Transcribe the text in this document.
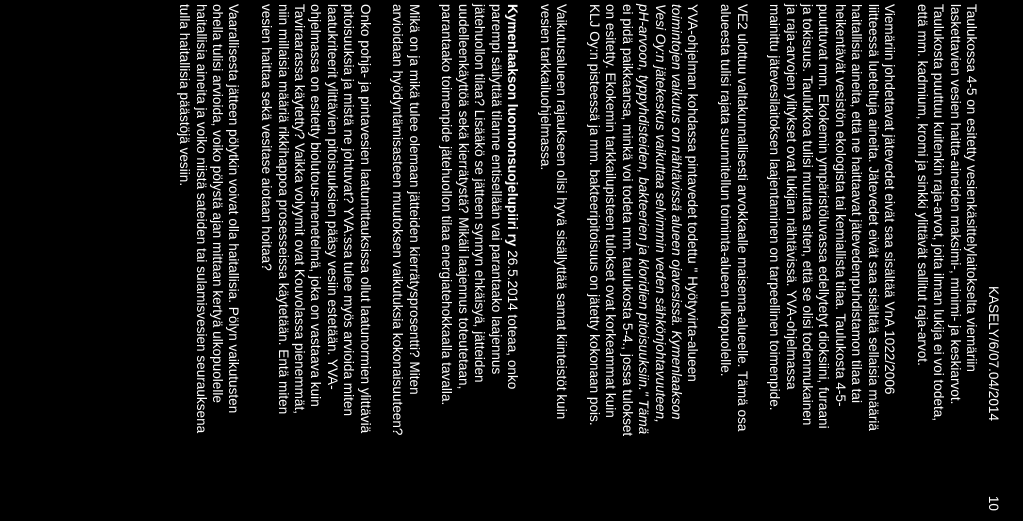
KASELY/6/07.04/2014
10
Taulukossa 4-5 on esitetty vesienkäsittelylaitokselta viemäriin
laskettavien vesien haitta-aineiden maksimi-, minimi- ja keskiarvot.
Taulukosta puuttuu kuitenkin raja-arvot, joita ilman lukija ei voi todeta,
että mm. kadmium, kromi ja sinkki ylittävät sallitut raja-arvot.
Viemäriin johdettavat jätevedet eivät saa sisältää VnA 1022/2006
liitteessä lueteltuja aineita. Jätevedet eivät saa sisältää sellaisia määriä
haitallisia aineita, että ne haittaavat jätevedenpuhdistamon tilaa tai
heikentävät vesistön ekologista tai kemiallista tilaa. Taulukosta 4-5-
puuttuvat mm. Ekokemin ympäristöluvassa edellytetyt dioksiini, furaani
ja tokisuus. Taulukkoa tulisi muuttaa siten, että se olisi todenmukainen
ja raja-arvojen ylitykset ovat lukijan nähtävissä. YVA-ohjelmassa
mainittu jätevesilaitoksen laajentaminen on tarpeellinen toimenpide.
VE2 ulottuu valtakunnallisesti arvokkaalle maisema-alueelle. Tämä osa
alueesta tulisi rajata suunnitellun toiminta-alueen ulkopuolelle.
YVA-ohjelman kohdassa pintavedet todettu " Hyötyvirta-alueen
toimintojen vaikutus on nähtävissä alueen ojavesissä. Kymenlaakson
Vesi Oy:n jätekeskus vaikuttaa selvimmin veden sähkönjohtavuuteen,
pH-arvoon, typpyhdisteiden, bakteerien ja kloridien pitoisuuksiin." Tämä
ei pidä paikkaansa, minkä voi todeta mm. taulukosta 5-4., jossa tulokset
on esitetty. Ekokemin tarkkailupisteen tulokset ovat korkeammat kuin
KLJ Oy:n pisteessä ja mm. bakteeripitoisuus on jätetty kokonaan pois.
Vaikutusalueen rajaukseen olisi hyvä sisällyttää samat kiinteistöt kuin
vesien tarkkailuohjelmassa.
Kymenlaakson luonnonsuojelupiiri ry 26.5.2014 toteaa, onko
parempi säilyttää tilanne entisellään vai parantaako laajennus
jätehuollon tilaa? Lisääkö se jätteen synnyn ehkäisyä, jätteiden
uudelleenkäyttöä sekä kierrätystä? Mikäli laajennus toteutetaan,
parantaako toimenpide jätehuollon tilaa energiatehokkaalla tavalla.
Mikä on ja mikä tulee olemaan jätteiden kierrätysprosentti? Miten
arvioidaan hyödyntämisasteen muutoksen vaikutuksia kokonaisuuteen?
Onko pohja- ja pintavesien laatumittauksissa ollut laatunormien ylittäviä
pitoisuuksia ja mistä ne johtuvat? YVA:ssa tulee myös arvioida miten
laatukriteerit ylittävien pitoisuuksien pääsy vesiin estetään. YVA-
ohjelmassa on esitetty biolutous-menetelmä, joka on vastaava kuin
Taviraarassa käytetty? Vaikka volyymit ovat Kouvolassa pienemmät,
niin millaisia määriä rikkihappoa prosesseissa käytetään. Entä miten
vesien haittaa sekä vesitase aiotaan hoitaa?
Vaarallisesta jätteen pölytkin voivat olla haitallisia. Pölyn vaikutusten
ohella tulisi arvioida, voiko pölystä ajan mittaan kertyä ulkopuolelle
haitallisia aineita ja voiko niistä sateiden tai sulamisvesien seurauksena
tulla haitallisia päästöjä vesiin.
